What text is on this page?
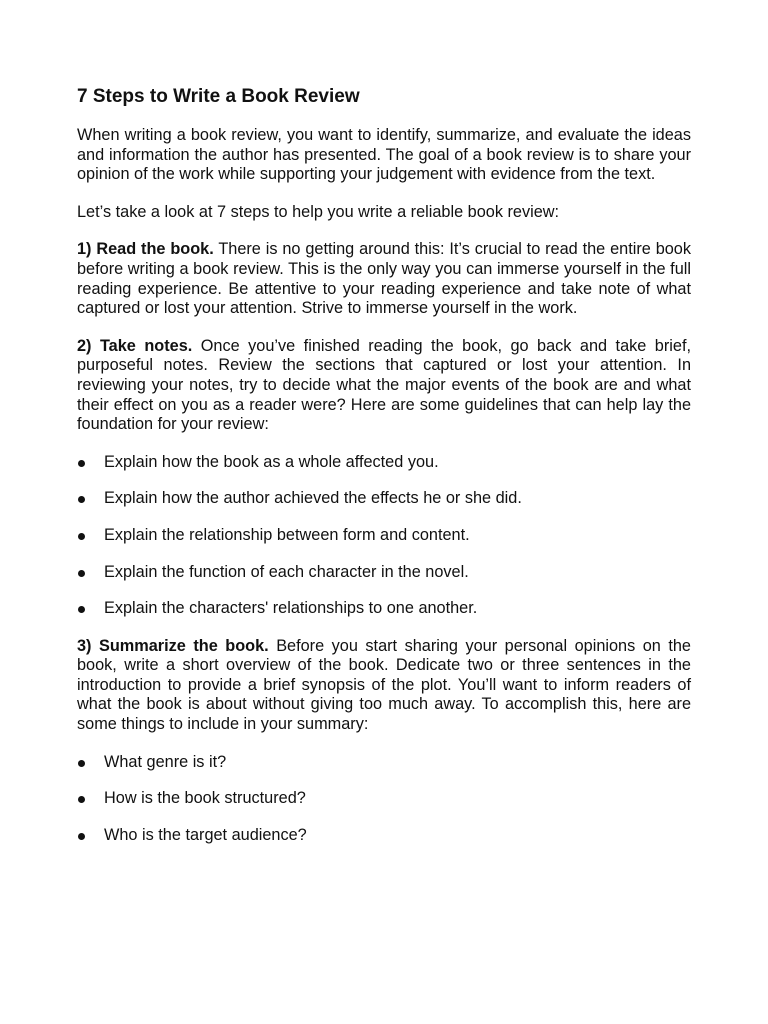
7 Steps to Write a Book Review

When writing a book review, you want to identify, summarize, and evaluate the ideas and information the author has presented. The goal of a book review is to share your opinion of the work while supporting your judgement with evidence from the text.

Let’s take a look at 7 steps to help you write a reliable book review:

1) Read the book. There is no getting around this: It’s crucial to read the entire book before writing a book review. This is the only way you can immerse yourself in the full reading experience. Be attentive to your reading experience and take note of what captured or lost your attention. Strive to immerse yourself in the work.

2) Take notes. Once you’ve finished reading the book, go back and take brief, purposeful notes. Review the sections that captured or lost your attention. In reviewing your notes, try to decide what the major events of the book are and what their effect on you as a reader were? Here are some guidelines that can help lay the foundation for your review:

Explain how the book as a whole affected you.
Explain how the author achieved the effects he or she did.
Explain the relationship between form and content.
Explain the function of each character in the novel.
Explain the characters' relationships to one another.

3) Summarize the book. Before you start sharing your personal opinions on the book, write a short overview of the book. Dedicate two or three sentences in the introduction to provide a brief synopsis of the plot. You’ll want to inform readers of what the book is about without giving too much away. To accomplish this, here are some things to include in your summary:

What genre is it?
How is the book structured?
Who is the target audience?
